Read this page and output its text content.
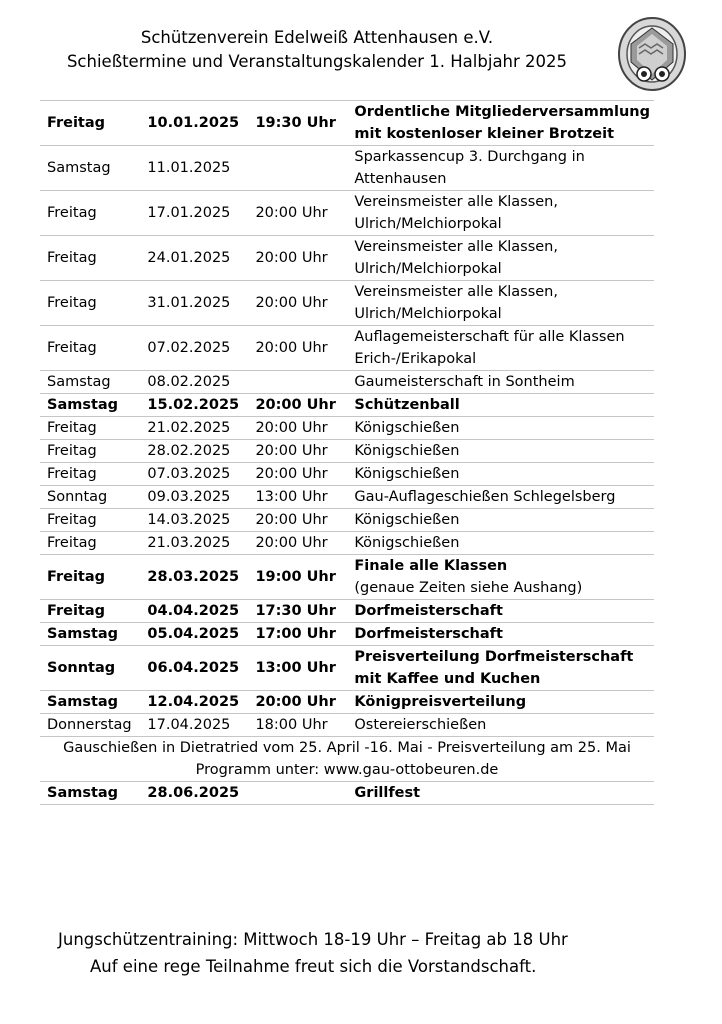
Schützenverein Edelweiß Attenhausen e.V.
Schießtermine und Veranstaltungskalender 1. Halbjahr 2025
Freitag	10.01.2025	19:30 Uhr	Ordentliche Mitgliederversammlung
mit kostenloser kleiner Brotzeit

Samstag	11.01.2025		Sparkassencup 3. Durchgang in
Attenhausen

Freitag	17.01.2025	20:00 Uhr	Vereinsmeister alle Klassen,
Ulrich/Melchiorpokal

Freitag	24.01.2025	20:00 Uhr	Vereinsmeister alle Klassen,
Ulrich/Melchiorpokal

Freitag	31.01.2025	20:00 Uhr	Vereinsmeister alle Klassen,
Ulrich/Melchiorpokal

Freitag	07.02.2025	20:00 Uhr	Auflagemeisterschaft für alle Klassen
Erich-/Erikapokal

Samstag	08.02.2025		Gaumeisterschaft in Sontheim

Samstag	15.02.2025	20:00 Uhr	Schützenball

Freitag	21.02.2025	20:00 Uhr	Königschießen

Freitag	28.02.2025	20:00 Uhr	Königschießen

Freitag	07.03.2025	20:00 Uhr	Königschießen

Sonntag	09.03.2025	13:00 Uhr	Gau-Auflageschießen Schlegelsberg

Freitag	14.03.2025	20:00 Uhr	Königschießen

Freitag	21.03.2025	20:00 Uhr	Königschießen

Freitag	28.03.2025	19:00 Uhr	Finale alle Klassen
(genaue Zeiten siehe Aushang)

Freitag	04.04.2025	17:30 Uhr	Dorfmeisterschaft

Samstag	05.04.2025	17:00 Uhr	Dorfmeisterschaft

Sonntag	06.04.2025	13:00 Uhr	Preisverteilung Dorfmeisterschaft
mit Kaffee und Kuchen

Samstag	12.04.2025	20:00 Uhr	Königpreisverteilung

Donnerstag	17.04.2025	18:00 Uhr	Ostereierschießen

Gauschießen in Dietratried vom 25. April -16. Mai - Preisverteilung am 25. Mai
Programm unter: www.gau-ottobeuren.de			

Samstag	28.06.2025		Grillfest
Jungschützentraining: Mittwoch 18-19 Uhr – Freitag ab 18 Uhr
Auf eine rege Teilnahme freut sich die Vorstandschaft.
